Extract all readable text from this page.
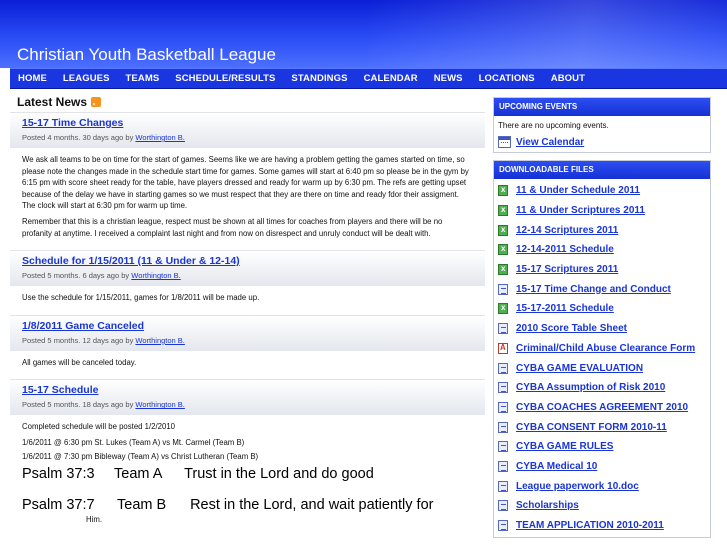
Christian Youth Basketball League
HOME	LEAGUES	TEAMS	SCHEDULE/RESULTS	STANDINGS	CALENDAR	NEWS	LOCATIONS	ABOUT
Latest News
15-17 Time Changes
Posted 4 months. 30 days ago by Worthington B.

We ask all teams to be on time for the start of games. Seems like we are having a problem getting the games started on time, so please note the changes made in the schedule start time for games. Some games will start at 6:40 pm so please be in the gym by 6:15 pm with score sheet ready for the table, have players dressed and ready for warm up by 6:30 pm. The refs are getting upset because of the delay we have in starting games so we must respect that they are there on time and ready fdor their assigment. The clock will start at 6:30 pm for warm up time.

Remember that this is a christian league, respect must be shown at all times for coaches from players and there will be no profanity at anytime. I received a complaint last night and from now on disrespect and unruly conduct will be dealt with.

Schedule for 1/15/2011 (11 & Under & 12-14)
Posted 5 months. 6 days ago by Worthington B.

Use the schedule for 1/15/2011, games for 1/8/2011 will be made up.

1/8/2011 Game Canceled
Posted 5 months. 12 days ago by Worthington B.

All games will be canceled today.

15-17 Schedule
Posted 5 months. 18 days ago by Worthington B.

Completed schedule will be posted 1/2/2010

1/6/2011 @ 6:30 pm St. Lukes (Team A) vs Mt. Carmel (Team B)

1/6/2011 @ 7:30 pm Bibleway (Team A) vs Christ Lutheran (Team B)

Psalm 37:3 Team A Trust in the Lord and do good
Psalm 37:7 Team B Rest in the Lord, and wait patiently for
Him.
UPCOMING EVENTS
There are no upcoming events.
View Calendar
DOWNLOADABLE FILES
x
11 & Under Schedule 2011
x
11 & Under Scriptures 2011
x
12-14 Scriptures 2011
x
12-14-2011 Schedule
x
15-17 Scriptures 2011
15-17 Time Change and Conduct
x
15-17-2011 Schedule
2010 Score Table Sheet
A
Criminal/Child Abuse Clearance Form
CYBA GAME EVALUATION
CYBA Assumption of Risk 2010
CYBA COACHES AGREEMENT 2010
CYBA CONSENT FORM 2010-11
CYBA GAME RULES
CYBA Medical 10
League paperwork 10.doc
Scholarships
TEAM APPLICATION 2010-2011
